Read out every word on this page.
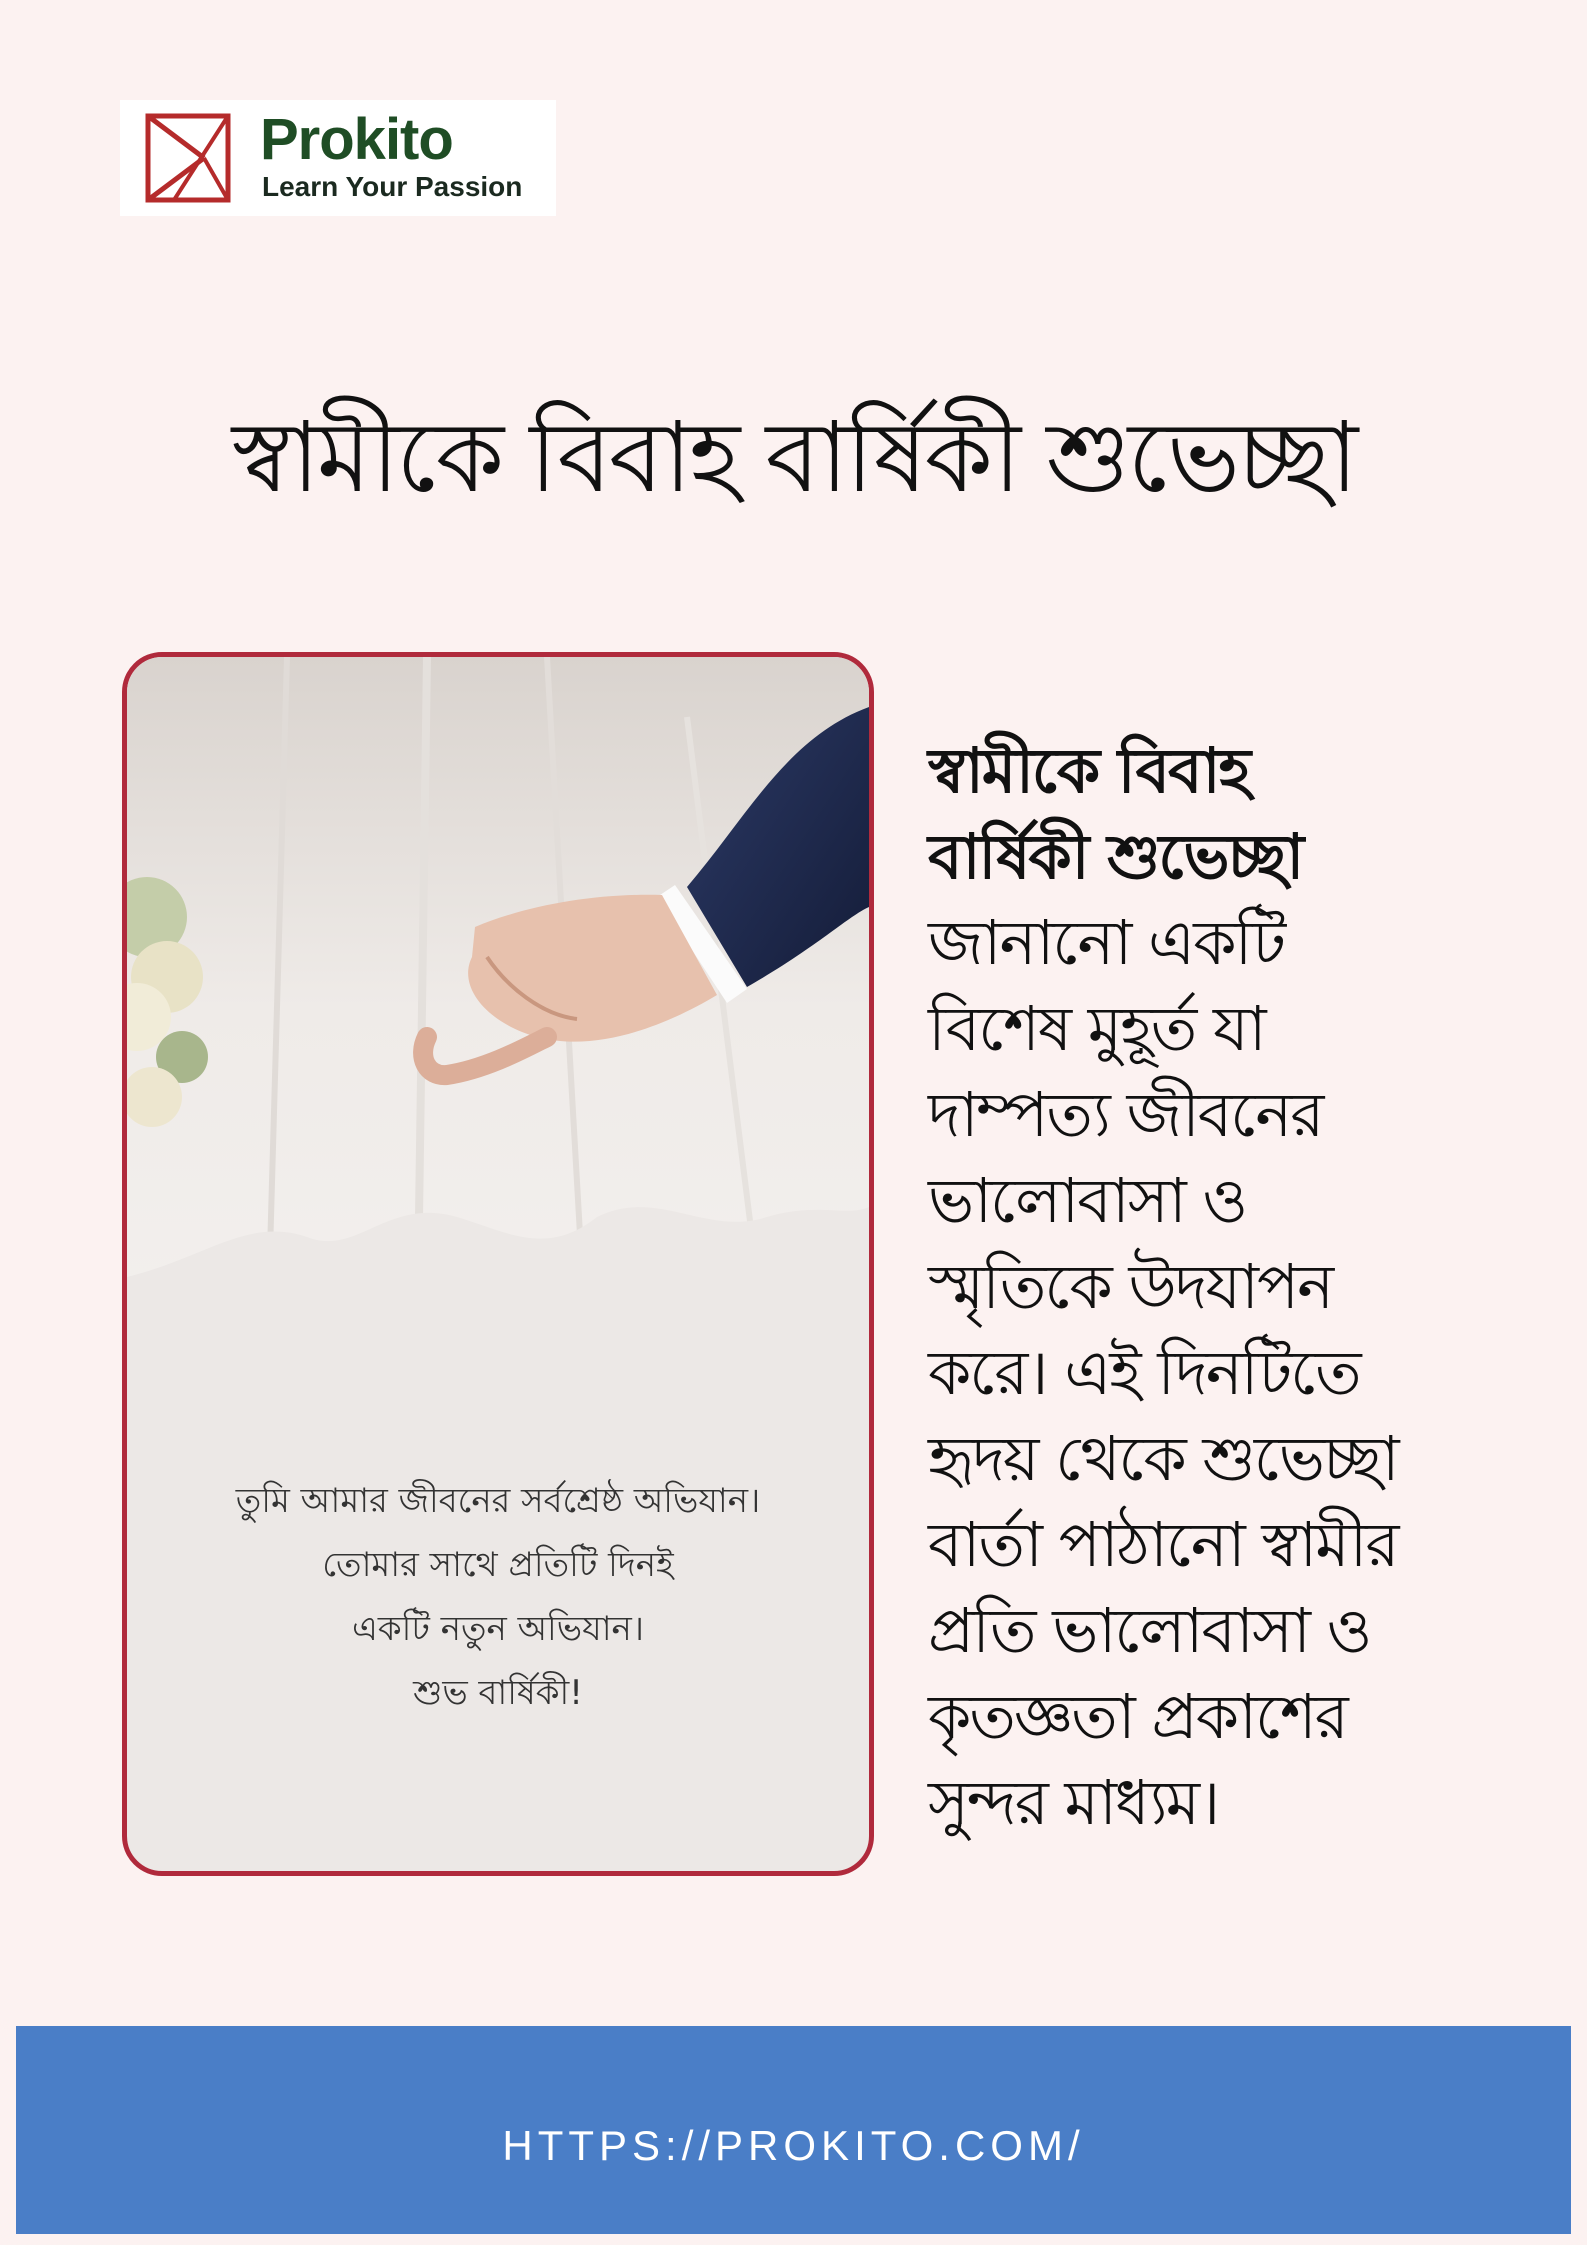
Prokito
Learn Your Passion
স্বামীকে বিবাহ বার্ষিকী শুভেচ্ছা
তুমি আমার জীবনের সর্বশ্রেষ্ঠ অভিযান।
তোমার সাথে প্রতিটি দিনই
একটি নতুন অভিযান।
শুভ বার্ষিকী!
স্বামীকে বিবাহ
বার্ষিকী শুভেচ্ছা
জানানো একটি
বিশেষ মুহূর্ত যা
দাম্পত্য জীবনের
ভালোবাসা ও
স্মৃতিকে উদযাপন
করে। এই দিনটিতে
হৃদয় থেকে শুভেচ্ছা
বার্তা পাঠানো স্বামীর
প্রতি ভালোবাসা ও
কৃতজ্ঞতা প্রকাশের
সুন্দর মাধ্যম।
HTTPS://PROKITO.COM/
